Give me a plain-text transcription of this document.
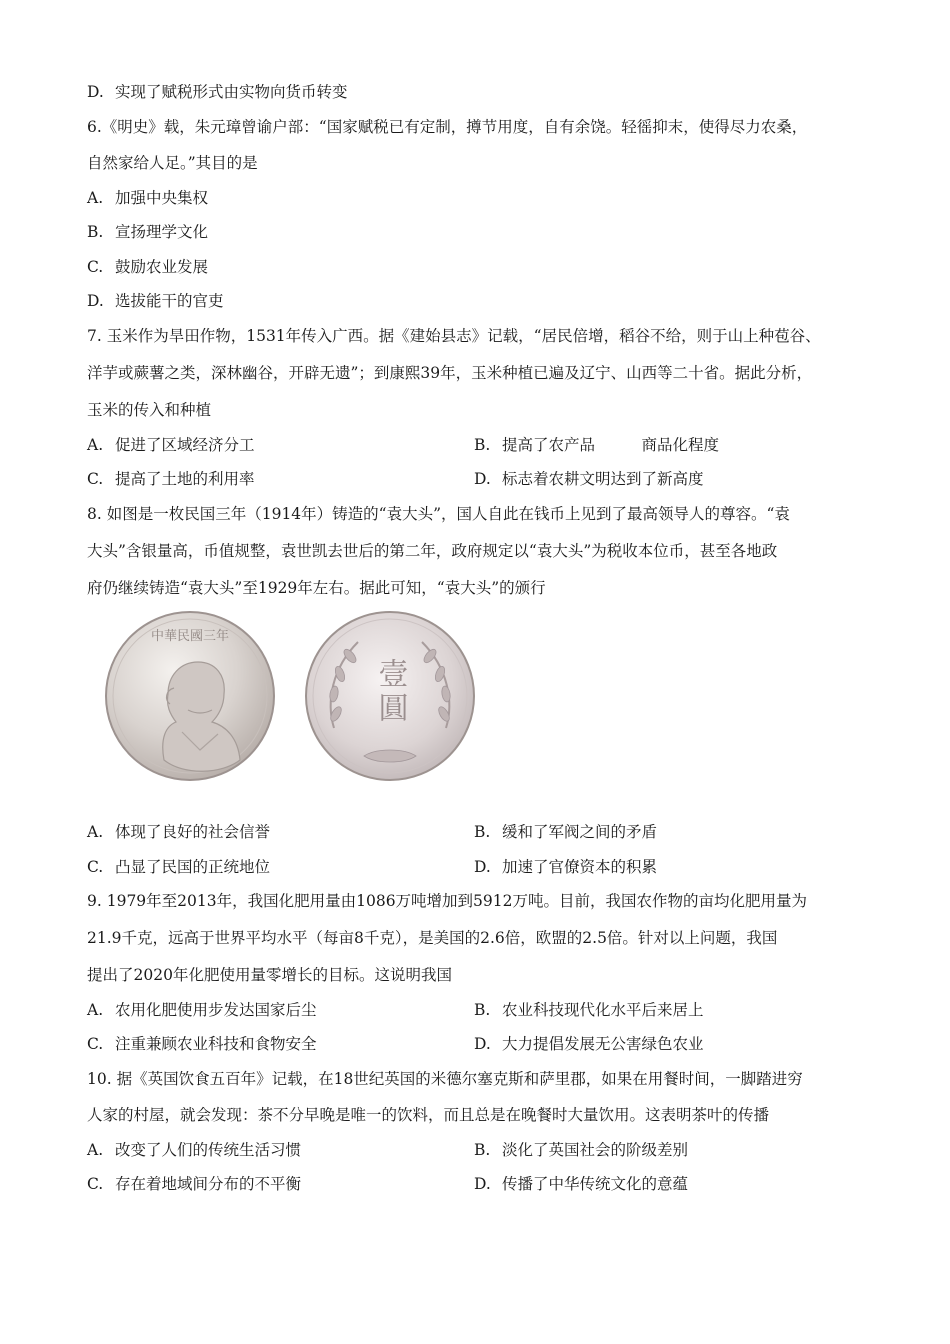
D. 实现了赋税形式由实物向货币转变
6.《明史》载，朱元璋曾谕户部：“国家赋税已有定制，撙节用度，自有余饶。轻徭抑末，使得尽力农桑，
自然家给人足。”其目的是
A. 加强中央集权
B. 宣扬理学文化
C. 鼓励农业发展
D. 选拔能干的官吏
7. 玉米作为旱田作物，1531年传入广西。据《建始县志》记载，“居民倍增，稻谷不给，则于山上种苞谷、
洋芋或蕨薯之类，深林幽谷，开辟无遗”；到康熙39年，玉米种植已遍及辽宁、山西等二十省。据此分析，
玉米的传入和种植
A. 促进了区域经济分工	B. 提高了农产品　　　商品化程度
C. 提高了土地的利用率	D. 标志着农耕文明达到了新高度
8. 如图是一枚民国三年（1914年）铸造的“袁大头”，国人自此在钱币上见到了最高领导人的尊容。“袁
大头”含银量高，币值规整，袁世凯去世后的第二年，政府规定以“袁大头”为税收本位币，甚至各地政
府仍继续铸造“袁大头”至1929年左右。据此可知，“袁大头”的颁行
中華民國三年
壹圓
A. 体现了良好的社会信誉	B. 缓和了军阀之间的矛盾
C. 凸显了民国的正统地位	D. 加速了官僚资本的积累
9. 1979年至2013年，我国化肥用量由1086万吨增加到5912万吨。目前，我国农作物的亩均化肥用量为
21.9千克，远高于世界平均水平（每亩8千克），是美国的2.6倍，欧盟的2.5倍。针对以上问题，我国
提出了2020年化肥使用量零增长的目标。这说明我国
A. 农用化肥使用步发达国家后尘	B. 农业科技现代化水平后来居上
C. 注重兼顾农业科技和食物安全	D. 大力提倡发展无公害绿色农业
10. 据《英国饮食五百年》记载，在18世纪英国的米德尔塞克斯和萨里郡，如果在用餐时间，一脚踏进穷
人家的村屋，就会发现：茶不分早晚是唯一的饮料，而且总是在晚餐时大量饮用。这表明茶叶的传播
A. 改变了人们的传统生活习惯	B. 淡化了英国社会的阶级差别
C. 存在着地域间分布的不平衡	D. 传播了中华传统文化的意蕴
